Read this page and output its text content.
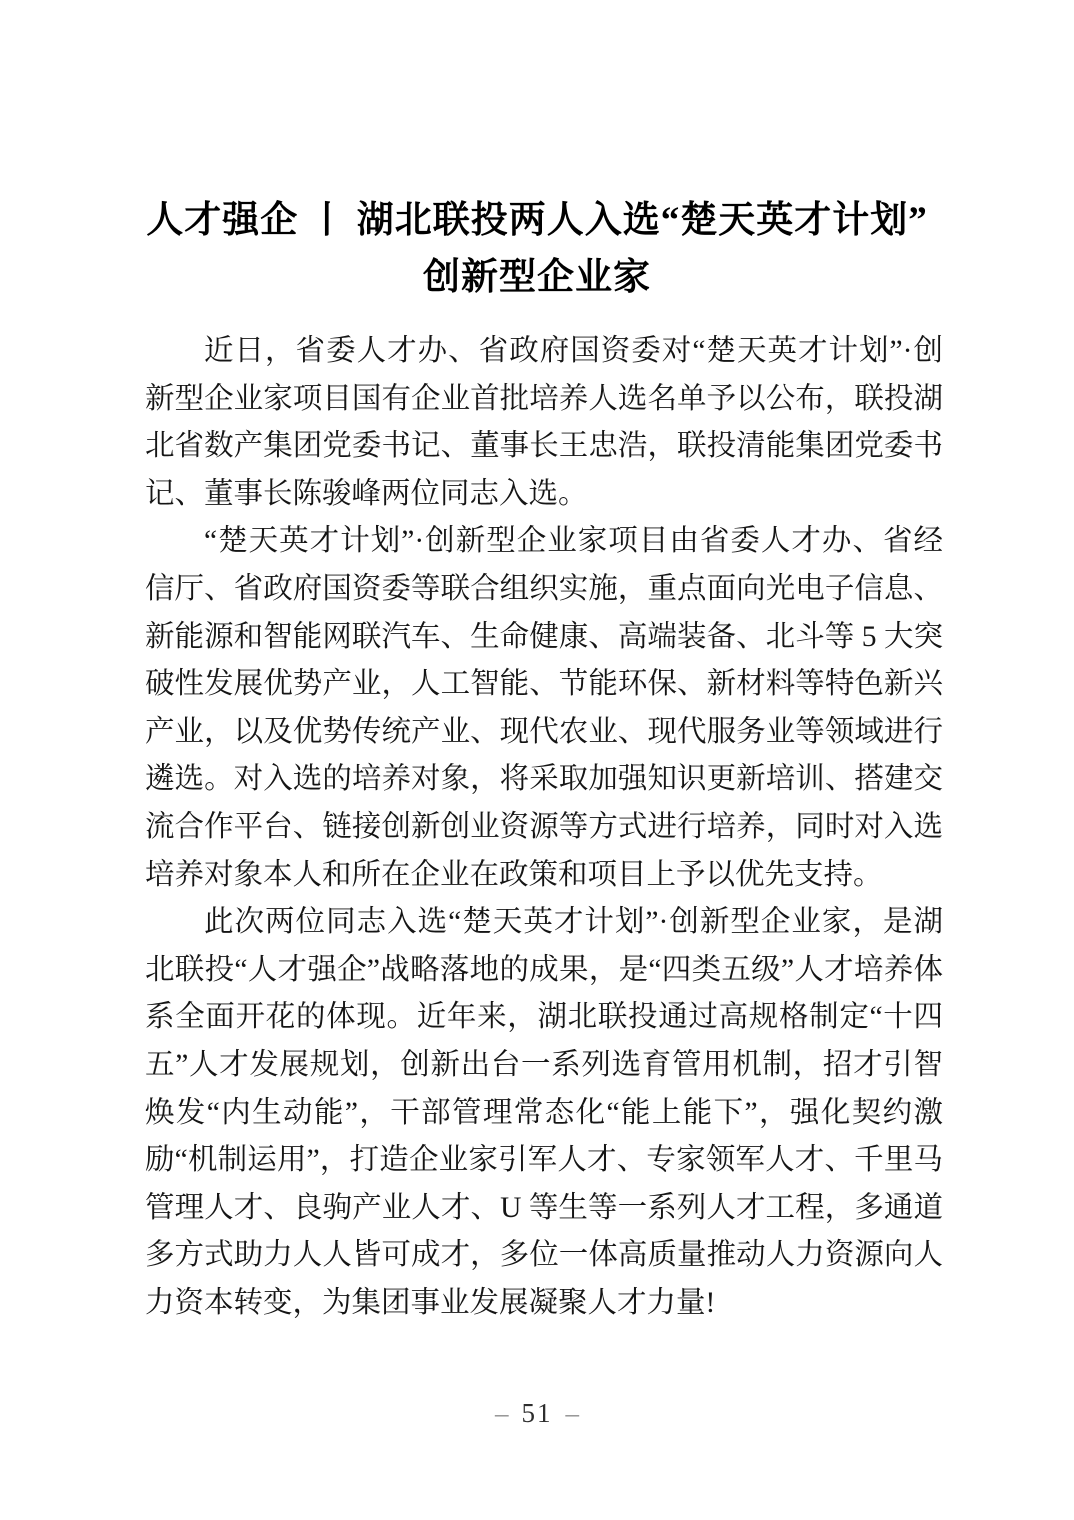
人才强企 丨 湖北联投两人入选“楚天英才计划”
创新型企业家

近日，省委人才办、省政府国资委对“楚天英才计划”·创新型企业家项目国有企业首批培养人选名单予以公布，联投湖北省数产集团党委书记、董事长王忠浩，联投清能集团党委书记、董事长陈骏峰两位同志入选。

“楚天英才计划”·创新型企业家项目由省委人才办、省经信厅、省政府国资委等联合组织实施，重点面向光电子信息、新能源和智能网联汽车、生命健康、高端装备、北斗等 5 大突破性发展优势产业，人工智能、节能环保、新材料等特色新兴产业，以及优势传统产业、现代农业、现代服务业等领域进行遴选。对入选的培养对象，将采取加强知识更新培训、搭建交流合作平台、链接创新创业资源等方式进行培养，同时对入选培养对象本人和所在企业在政策和项目上予以优先支持。

此次两位同志入选“楚天英才计划”·创新型企业家，是湖北联投“人才强企”战略落地的成果，是“四类五级”人才培养体系全面开花的体现。近年来，湖北联投通过高规格制定“十四五”人才发展规划，创新出台一系列选育管用机制，招才引智焕发“内生动能”，干部管理常态化“能上能下”，强化契约激励“机制运用”，打造企业家引军人才、专家领军人才、千里马管理人才、良驹产业人才、U 等生等一系列人才工程，多通道多方式助力人人皆可成才，多位一体高质量推动人力资源向人力资本转变，为集团事业发展凝聚人才力量!

– 51 –
